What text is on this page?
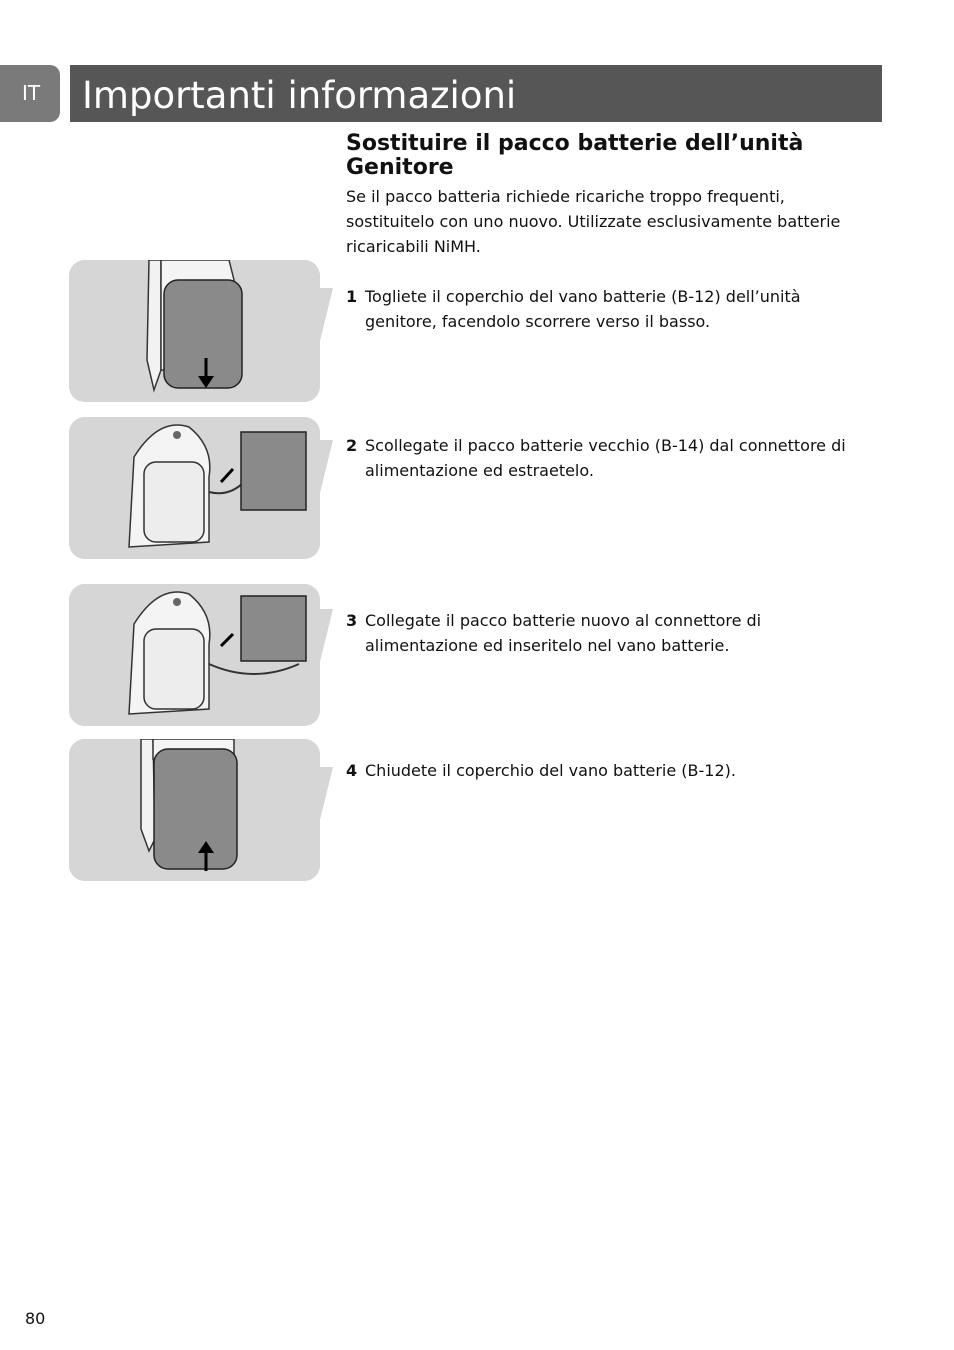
IT	Importanti informazioni
Sostituire il pacco batterie dell’unità Genitore

Se il pacco batteria richiede ricariche troppo frequenti, sostituitelo con uno nuovo. Utilizzate esclusivamente batterie ricaricabili NiMH.

1 Togliete il coperchio del vano batterie (B-12) dell’unità genitore, facendolo scorrere verso il basso.
2 Scollegate il pacco batterie vecchio (B-14) dal connettore di alimentazione ed estraetelo.
3 Collegate il pacco batterie nuovo al connettore di alimentazione ed inseritelo nel vano batterie.
4 Chiudete il coperchio del vano batterie (B-12).
80
